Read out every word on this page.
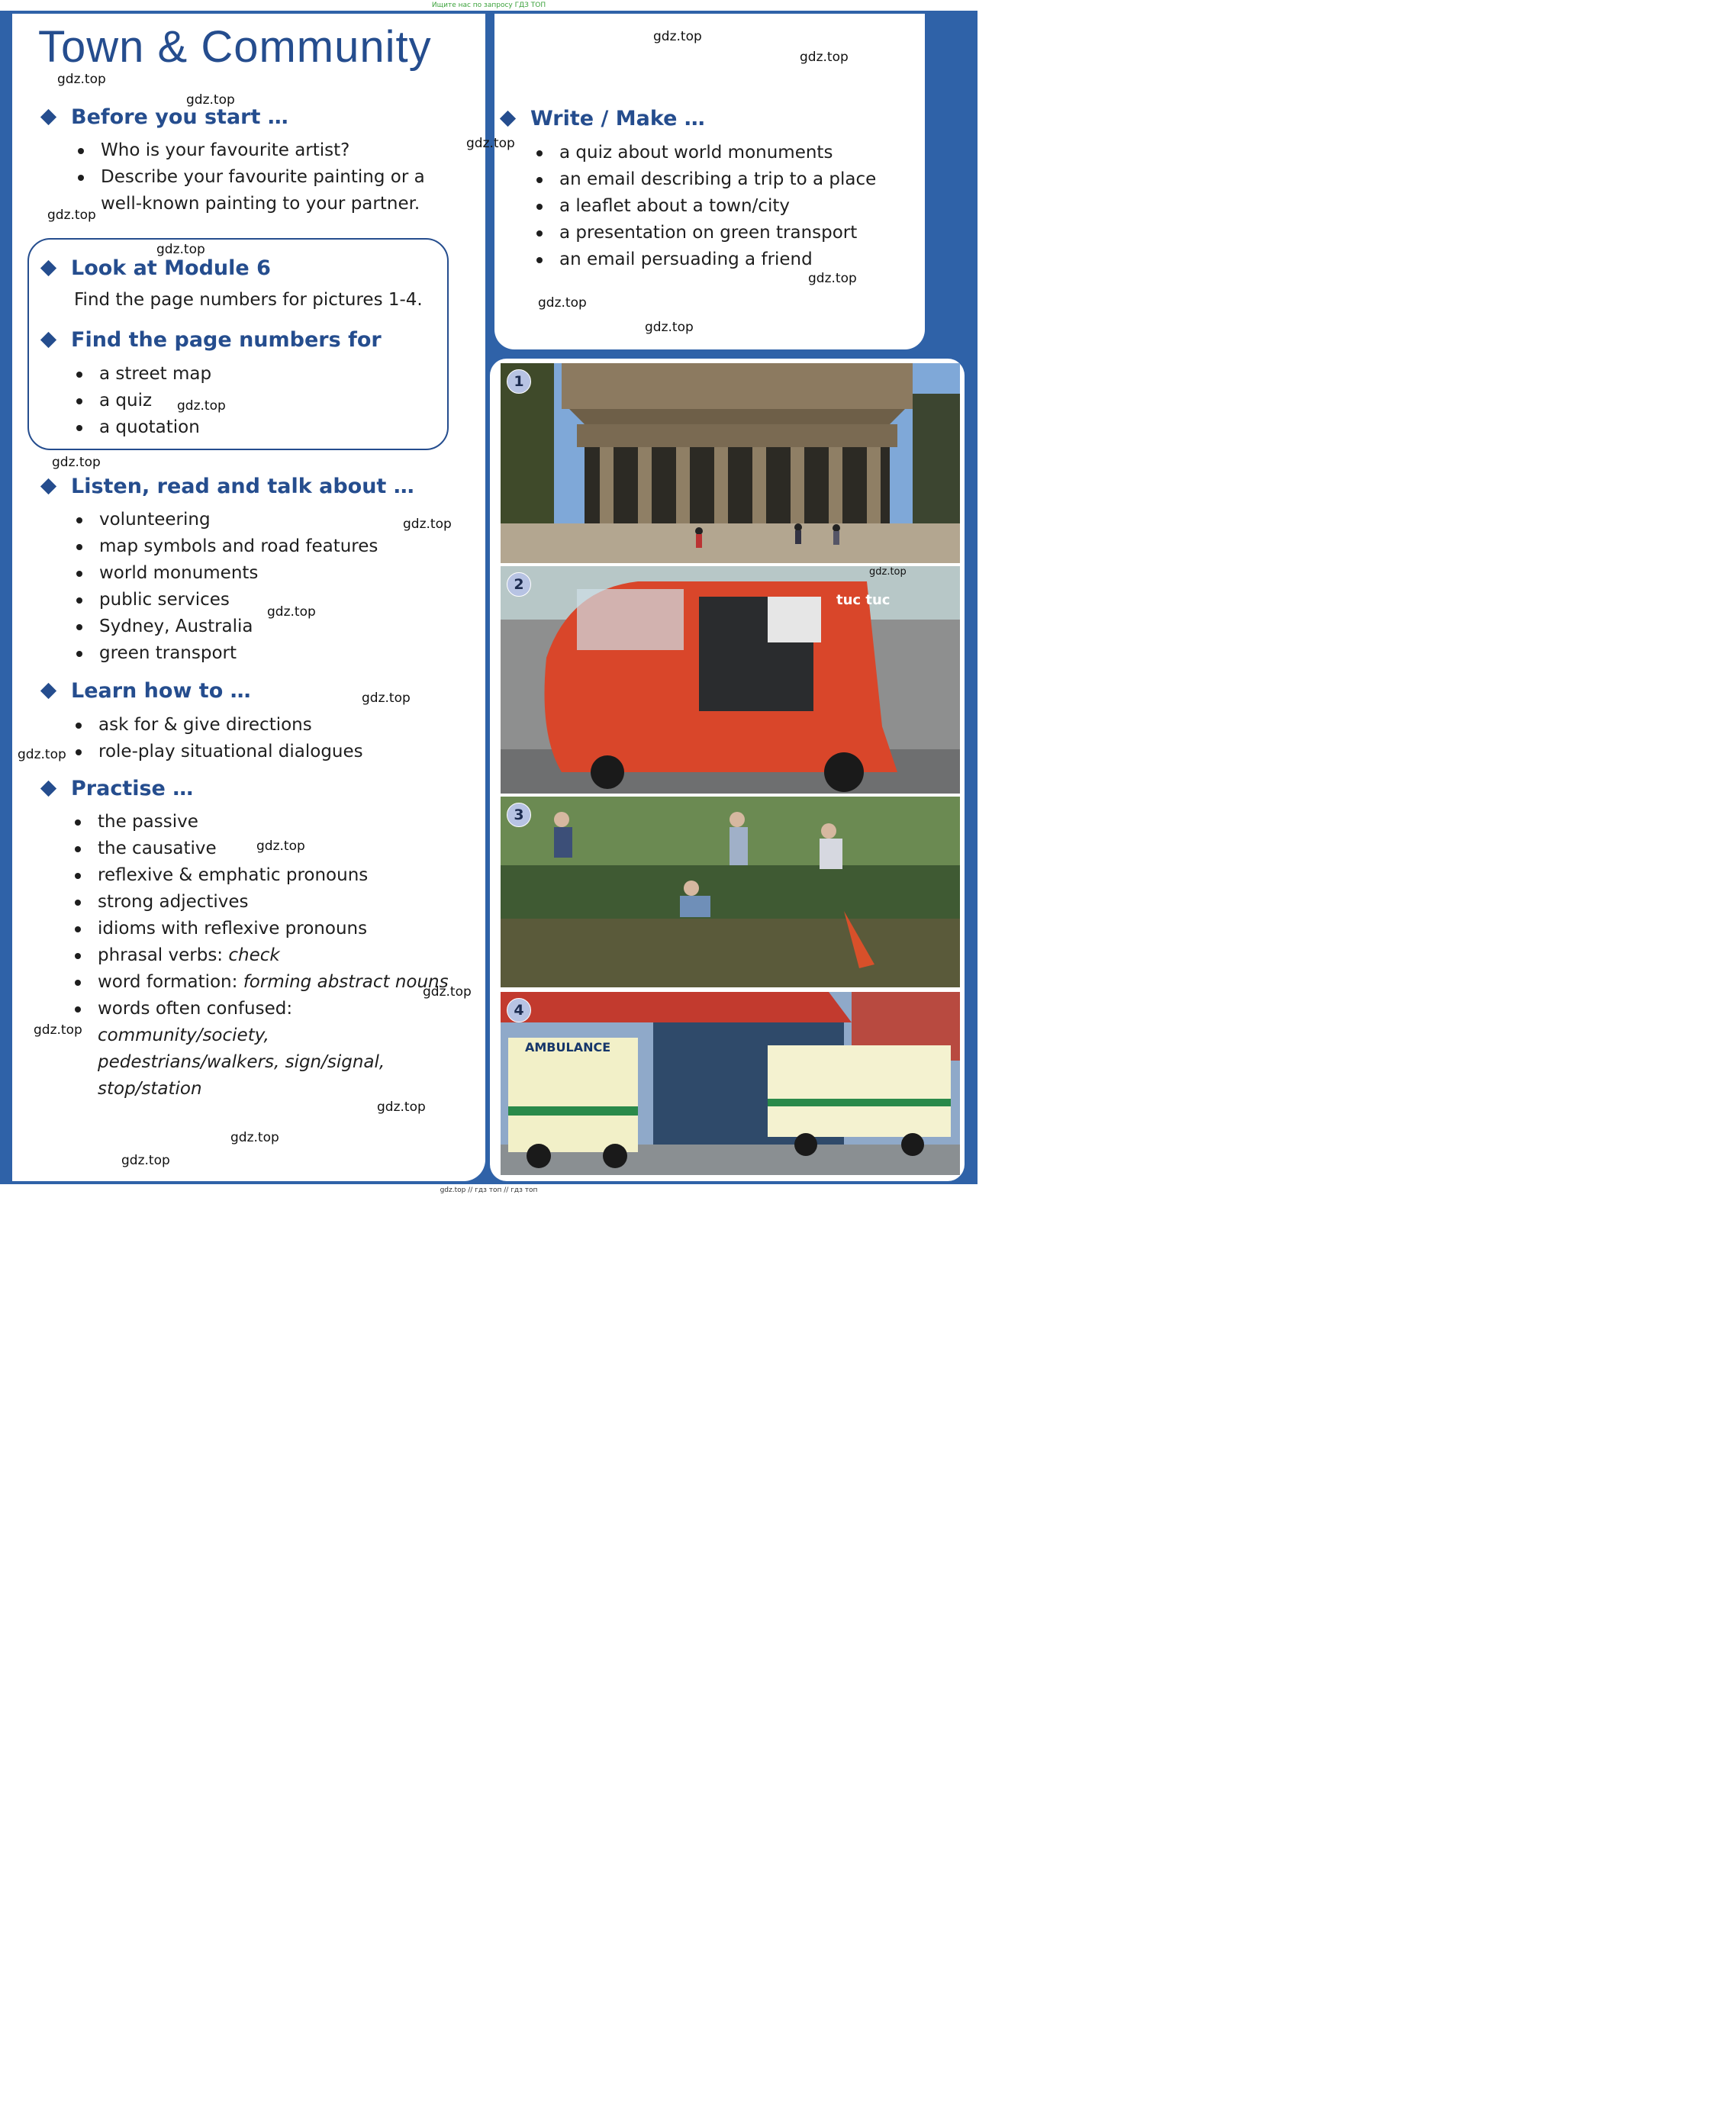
Ищите нас по запросу ГДЗ ТОП
Town & Community
Before you start …
Who is your favourite artist?
Describe your favourite painting or a well-known painting to your partner.
Look at Module 6

Find the page numbers for pictures 1-4.

Find the page numbers for
a street map
a quiz
a quotation
Listen, read and talk about …
volunteering
map symbols and road features
world monuments
public services
Sydney, Australia
green transport
Learn how to …
ask for & give directions
role-play situational dialogues
Practise …
the passive
the causative
reflexive & emphatic pronouns
strong adjectives
idioms with reflexive pronouns
phrasal verbs: check
word formation: forming abstract nouns
words often confused: community/society, pedestrians/walkers, sign/signal, stop/station
Write / Make …
a quiz about world monuments
an email describing a trip to a place
a leaflet about a town/city
a presentation on green transport
an email persuading a friend
1
tuc tuc
2
3
AMBULANCE
4
gdz.top
gdz.top
gdz.top
gdz.top
gdz.top
gdz.top
gdz.top
gdz.top
gdz.top
gdz.top
gdz.top
gdz.top
gdz.top
gdz.top
gdz.top
gdz.top
gdz.top
gdz.top
gdz.top
gdz.top
gdz.top
gdz.top
gdz.top
gdz.top // гдз топ // гдз топ
